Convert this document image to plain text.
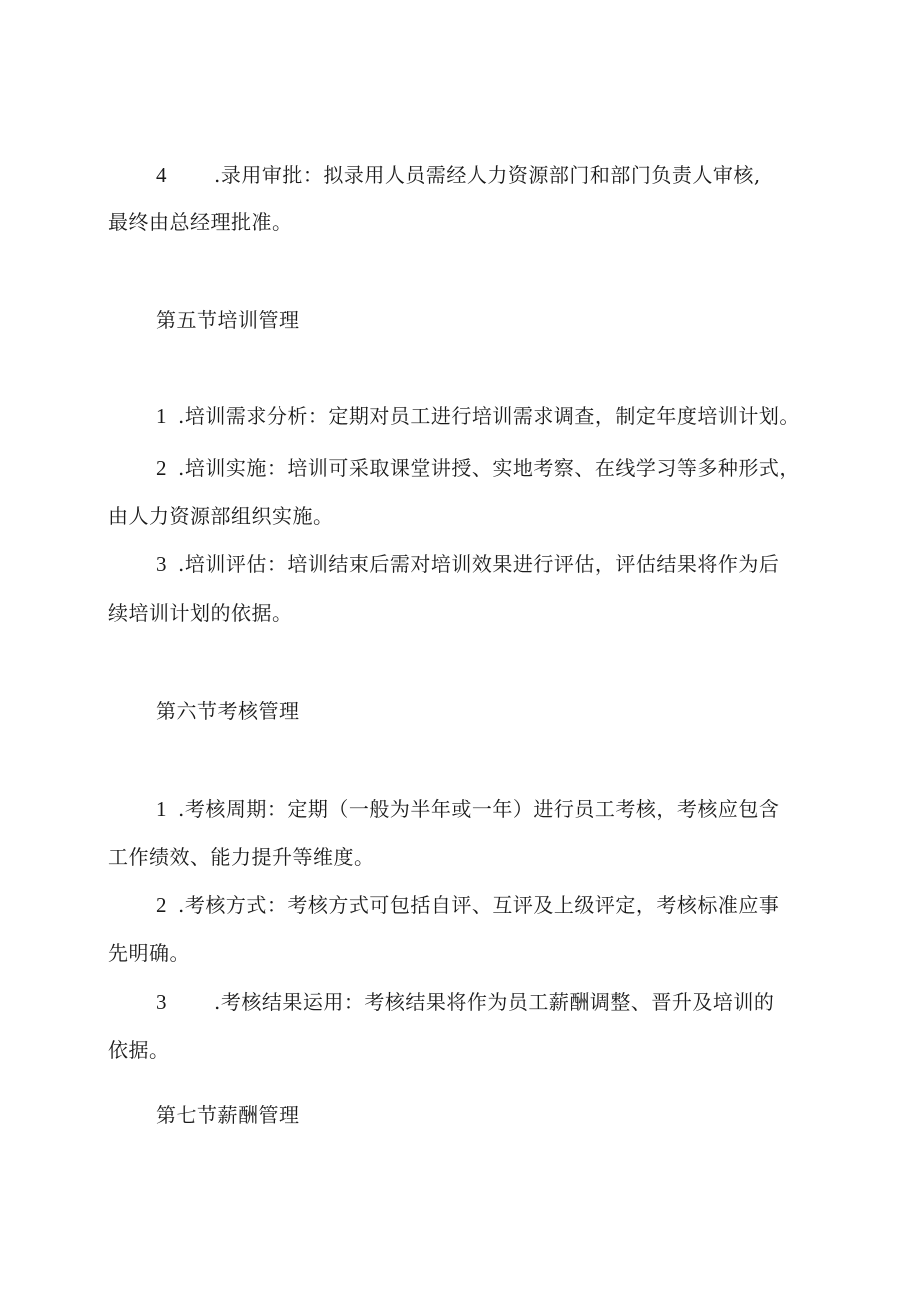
4 .录用审批：拟录用人员需经人力资源部门和部门负责人审核,
最终由总经理批准。
第五节培训管理
1 .培训需求分析：定期对员工进行培训需求调查，制定年度培训计划。
2 .培训实施：培训可采取课堂讲授、实地考察、在线学习等多种形式，
由人力资源部组织实施。
3 .培训评估：培训结束后需对培训效果进行评估，评估结果将作为后
续培训计划的依据。
第六节考核管理
1 .考核周期：定期（一般为半年或一年）进行员工考核，考核应包含
工作绩效、能力提升等维度。
2 .考核方式：考核方式可包括自评、互评及上级评定，考核标准应事
先明确。
3 .考核结果运用：考核结果将作为员工薪酬调整、晋升及培训的
依据。
第七节薪酬管理
